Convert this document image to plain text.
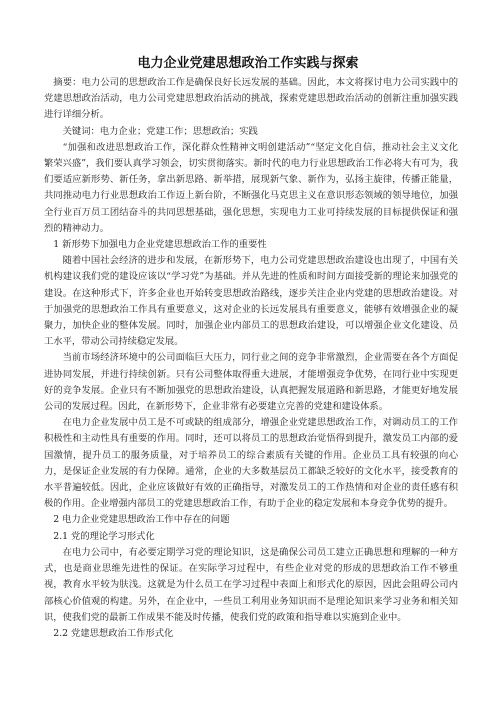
电力企业党建思想政治工作实践与探索

摘要：电力公司的思想政治工作是确保良好长远发展的基础。因此，本文将探讨电力公司实践中的党建思想政治活动，电力公司党建思想政治活动的挑战，探索党建思想政治活动的创新注重加强实践进行详细分析。

关键词：电力企业；党建工作；思想政治；实践

“加强和改进思想政治工作，深化群众性精神文明创建活动”“坚定文化自信，推动社会主义文化繁荣兴盛”，我们要认真学习领会，切实贯彻落实。新时代的电力行业思想政治工作必将大有可为，我们要适应新形势、新任务，拿出新思路、新举措，展现新气象、新作为，弘扬主旋律，传播正能量，共同推动电力行业思想政治工作迈上新台阶，不断强化马克思主义在意识形态领域的领导地位，加强全行业百万员工团结奋斗的共同思想基础，强化思想，实现电力工业可持续发展的目标提供保证和强烈的精神动力。

1 新形势下加强电力企业党建思想政治工作的重要性

随着中国社会经济的进步和发展，在新形势下，电力公司党建思想政治建设也出现了，中国有关机构建议我们党的建设应该以“学习党”为基础。并从先进的性质和时间方面接受新的理论来加强党的建设。在这种形式下，许多企业也开始转变思想政治路线，逐步关注企业内党建的思想政治建设。对于加强党的思想政治工作具有重要意义，这对企业的长远发展具有重要意义，能够有效增强企业的凝聚力，加快企业的整体发展。同时，加强企业内部员工的思想政治建设，可以增强企业文化建设、员工水平，带动公司持续稳定发展。

当前市场经济环境中的公司面临巨大压力，同行业之间的竞争非常激烈，企业需要在各个方面促进协同发展，并进行持续创新。只有公司整体取得重大进展，才能增强竞争优势，在同行业中实现更好的竞争发展。企业只有不断加强党的思想政治建设，认真把握发展道路和新思路，才能更好地发展公司的发展过程。因此，在新形势下，企业非常有必要建立完善的党建和建设体系。

在电力企业发展中员工是不可或缺的组成部分，增强企业党建思想政治工作，对调动员工的工作积极性和主动性具有重要的作用。同时，还可以将员工的思想政治觉悟得到提升，激发员工内部的爱国激情，提升员工的服务质量，对于培养员工的综合素质有关键的作用。企业员工具有较强的向心力，是保证企业发展的有力保障。通常，企业的大多数基层员工都缺乏较好的文化水平，接受教育的水平普遍较低。因此，企业应该做好有效的正确指导，对激发员工的工作热情和对企业的责任感有积极的作用。企业增强内部员工的党建思想政治工作，有助于企业的稳定发展和本身竞争优势的提升。

2 电力企业党建思想政治工作中存在的问题

2.1 党的理论学习形式化

在电力公司中，有必要定期学习党的理论知识，这是确保公司员工建立正确思想和理解的一种方式，也是商业思维先进性的保证。在实际学习过程中，有些企业对党的形成的思想政治工作不够重视，教育水平较为肤浅。这就是为什么员工在学习过程中表面上和形式化的原因，因此会阻碍公司内部核心价值观的构建。另外，在企业中，一些员工利用业务知识而不是理论知识来学习业务和相关知识，使我们党的最新工作成果不能及时传播，使我们党的政策和指导难以实施到企业中。

2.2 党建思想政治工作形式化
